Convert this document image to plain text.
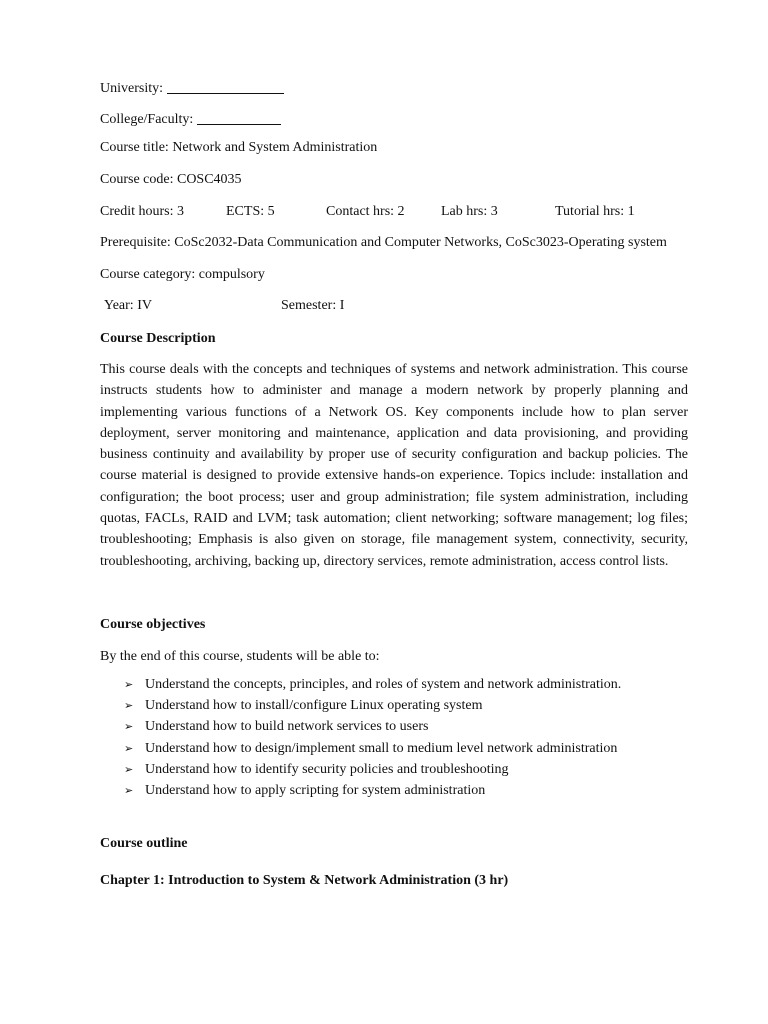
University:
College/Faculty:
Course title: Network and System Administration
Course code: COSC4035
Credit hours: 3	ECTS: 5	Contact hrs: 2	Lab hrs: 3	Tutorial hrs: 1
Prerequisite: CoSc2032-Data Communication and Computer Networks, CoSc3023-Operating system
Course category: compulsory
Year: IV	Semester: I
Course Description

This course deals with the concepts and techniques of systems and network administration. This course instructs students how to administer and manage a modern network by properly planning and implementing various functions of a Network OS. Key components include how to plan server deployment, server monitoring and maintenance, application and data provisioning, and providing business continuity and availability by proper use of security configuration and backup policies. The course material is designed to provide extensive hands-on experience. Topics include: installation and configuration; the boot process; user and group administration; file system administration, including quotas, FACLs, RAID and LVM; task automation; client networking; software management; log files; troubleshooting; Emphasis is also given on storage, file management system, connectivity, security, troubleshooting, archiving, backing up, directory services, remote administration, access control lists.

Course objectives
By the end of this course, students will be able to:
➢ Understand the concepts, principles, and roles of system and network administration.
➢ Understand how to install/configure Linux operating system
➢ Understand how to build network services to users
➢ Understand how to design/implement small to medium level network administration
➢ Understand how to identify security policies and troubleshooting
➢ Understand how to apply scripting for system administration
Course outline
Chapter 1: Introduction to System & Network Administration (3 hr)
